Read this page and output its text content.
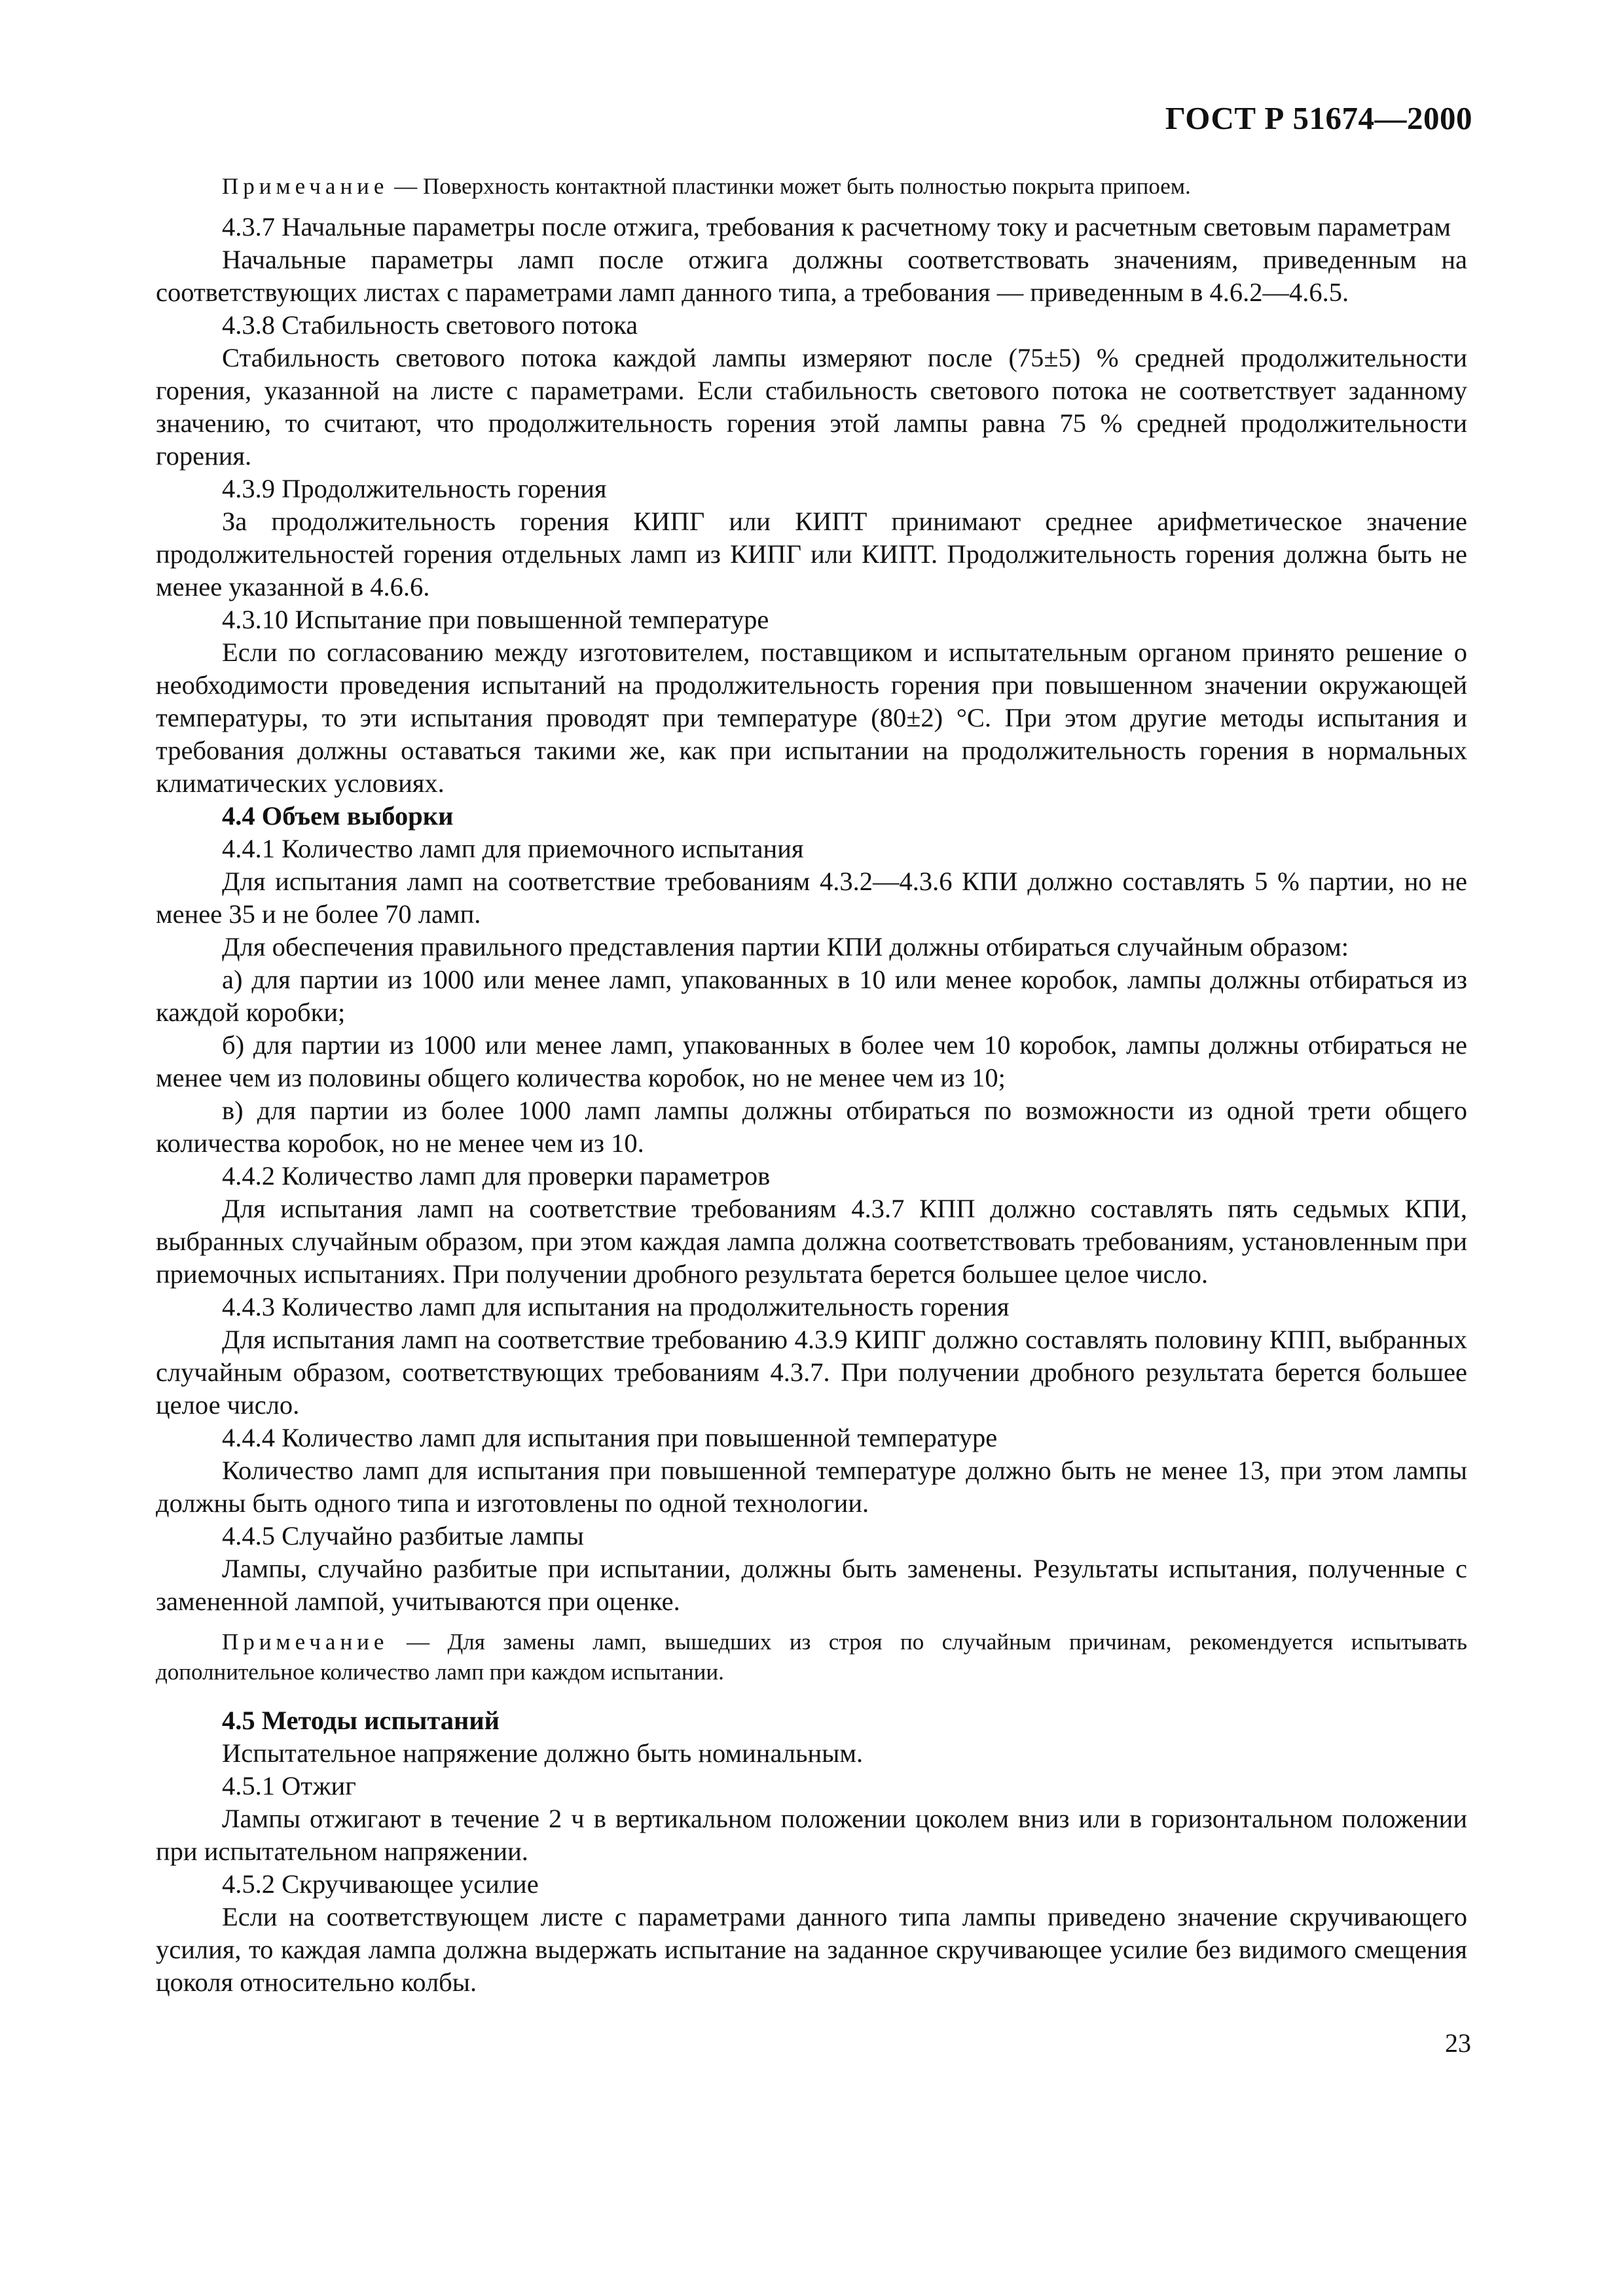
ГОСТ Р 51674—2000

Примечание — Поверхность контактной пластинки может быть полностью покрыта припоем.

4.3.7 Начальные параметры после отжига, требования к расчетному току и расчетным световым параметрам

Начальные параметры ламп после отжига должны соответствовать значениям, приведенным на соответствующих листах с параметрами ламп данного типа, а требования — приведенным в 4.6.2—4.6.5.

4.3.8 Стабильность светового потока

Стабильность светового потока каждой лампы измеряют после (75±5) % средней продолжительности горения, указанной на листе с параметрами. Если стабильность светового потока не соответствует заданному значению, то считают, что продолжительность горения этой лампы равна 75 % средней продолжительности горения.

4.3.9 Продолжительность горения

За продолжительность горения КИПГ или КИПТ принимают среднее арифметическое значение продолжительностей горения отдельных ламп из КИПГ или КИПТ. Продолжительность горения должна быть не менее указанной в 4.6.6.

4.3.10 Испытание при повышенной температуре

Если по согласованию между изготовителем, поставщиком и испытательным органом принято решение о необходимости проведения испытаний на продолжительность горения при повышенном значении окружающей температуры, то эти испытания проводят при температуре (80±2) °С. При этом другие методы испытания и требования должны оставаться такими же, как при испытании на продолжительность горения в нормальных климатических условиях.

4.4 Объем выборки

4.4.1 Количество ламп для приемочного испытания

Для испытания ламп на соответствие требованиям 4.3.2—4.3.6 КПИ должно составлять 5 % партии, но не менее 35 и не более 70 ламп.

Для обеспечения правильного представления партии КПИ должны отбираться случайным образом:

а) для партии из 1000 или менее ламп, упакованных в 10 или менее коробок, лампы должны отбираться из каждой коробки;

б) для партии из 1000 или менее ламп, упакованных в более чем 10 коробок, лампы должны отбираться не менее чем из половины общего количества коробок, но не менее чем из 10;

в) для партии из более 1000 ламп лампы должны отбираться по возможности из одной трети общего количества коробок, но не менее чем из 10.

4.4.2 Количество ламп для проверки параметров

Для испытания ламп на соответствие требованиям 4.3.7 КПП должно составлять пять седьмых КПИ, выбранных случайным образом, при этом каждая лампа должна соответствовать требованиям, установленным при приемочных испытаниях. При получении дробного результата берется большее целое число.

4.4.3 Количество ламп для испытания на продолжительность горения

Для испытания ламп на соответствие требованию 4.3.9 КИПГ должно составлять половину КПП, выбранных случайным образом, соответствующих требованиям 4.3.7. При получении дробного результата берется большее целое число.

4.4.4 Количество ламп для испытания при повышенной температуре

Количество ламп для испытания при повышенной температуре должно быть не менее 13, при этом лампы должны быть одного типа и изготовлены по одной технологии.

4.4.5 Случайно разбитые лампы

Лампы, случайно разбитые при испытании, должны быть заменены. Результаты испытания, полученные с замененной лампой, учитываются при оценке.

Примечание — Для замены ламп, вышедших из строя по случайным причинам, рекомендуется испытывать дополнительное количество ламп при каждом испытании.

4.5 Методы испытаний

Испытательное напряжение должно быть номинальным.

4.5.1 Отжиг

Лампы отжигают в течение 2 ч в вертикальном положении цоколем вниз или в горизонтальном положении при испытательном напряжении.

4.5.2 Скручивающее усилие

Если на соответствующем листе с параметрами данного типа лампы приведено значение скручивающего усилия, то каждая лампа должна выдержать испытание на заданное скручивающее усилие без видимого смещения цоколя относительно колбы.

23
